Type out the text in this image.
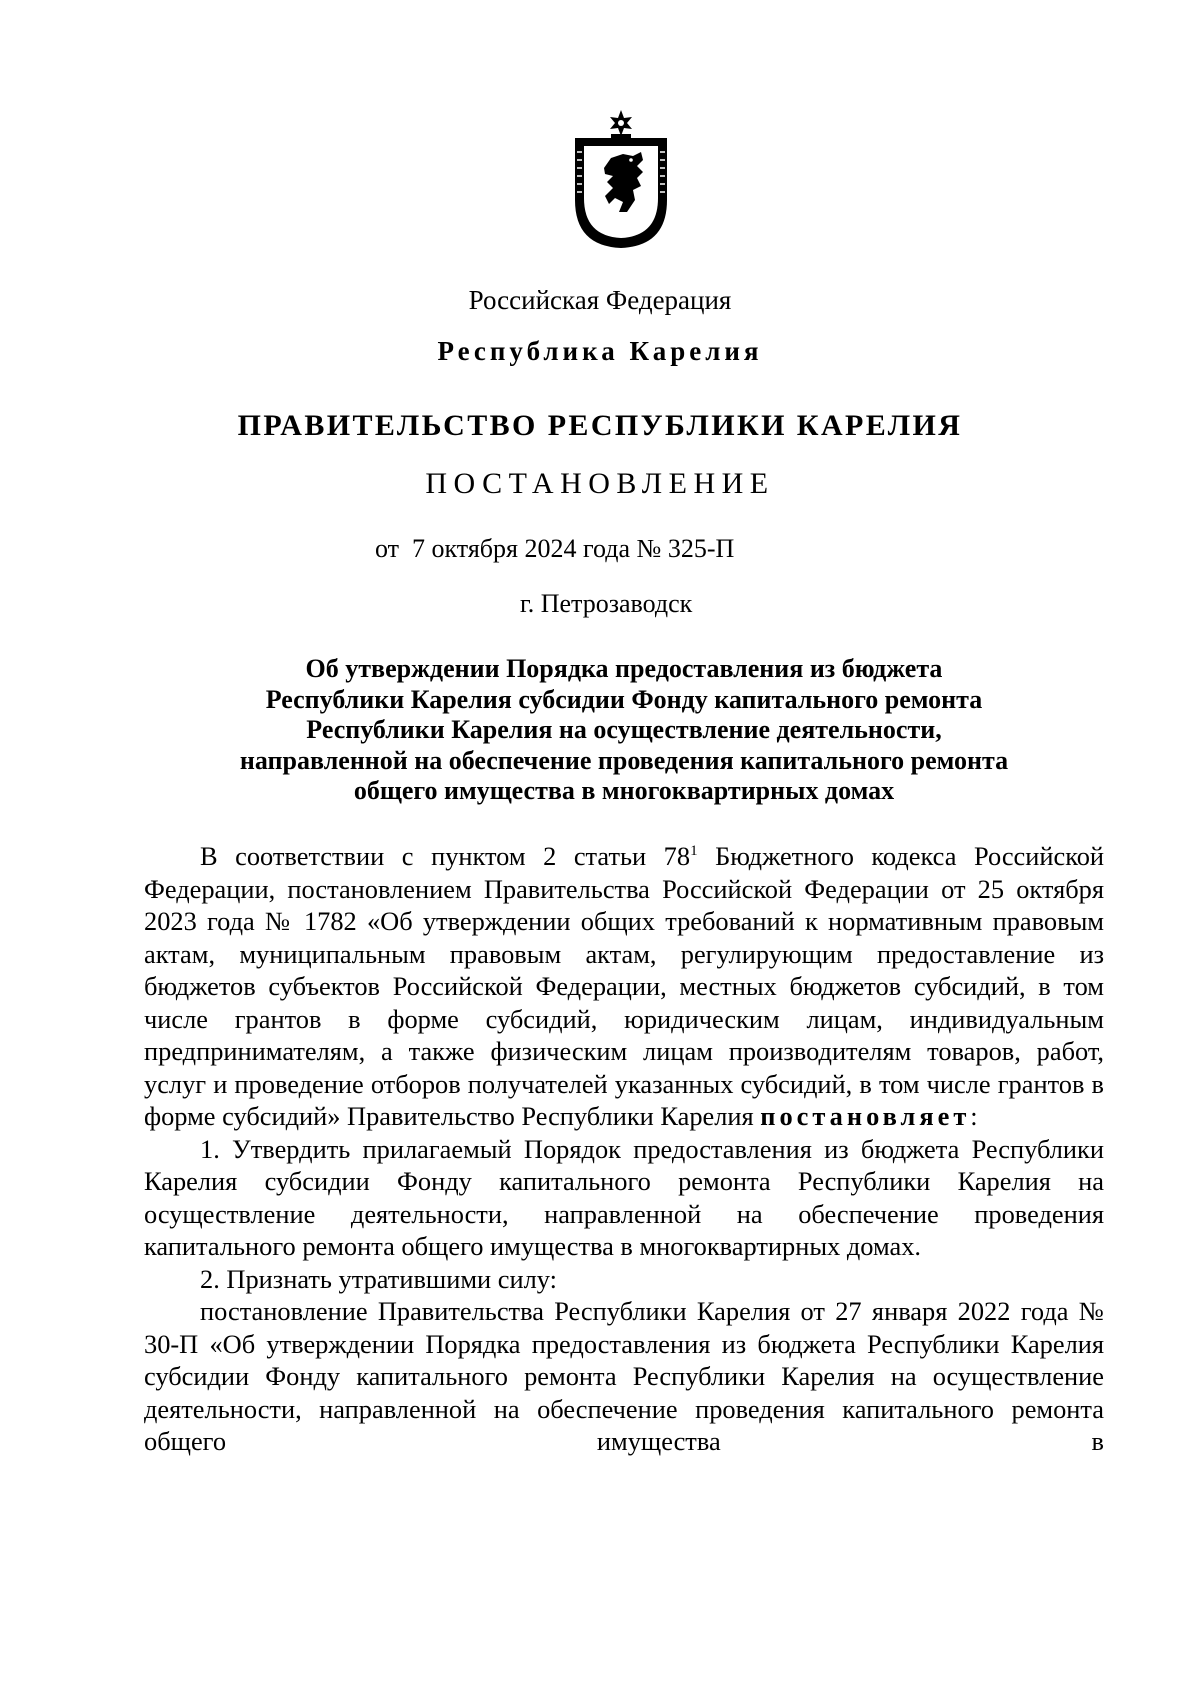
Российская Федерация
Республика Карелия
ПРАВИТЕЛЬСТВО РЕСПУБЛИКИ КАРЕЛИЯ
ПОСТАНОВЛЕНИЕ
от  7 октября 2024 года № 325-П
г. Петрозаводск
Об утверждении Порядка предоставления из бюджета
Республики Карелия субсидии Фонду капитального ремонта
Республики Карелия на осуществление деятельности,
направленной на обеспечение проведения капитального ремонта
общего имущества в многоквартирных домах

В соответствии с пунктом 2 статьи $78^1$ Бюджетного кодекса Российской Федерации, постановлением Правительства Российской Федерации от 25 октября 2023 года № 1782 «Об утверждении общих требований к нормативным правовым актам, муниципальным правовым актам, регулирующим предоставление из бюджетов субъектов Российской Федерации, местных бюджетов субсидий, в том числе грантов в форме субсидий, юридическим лицам, индивидуальным предпринимателям, а также физическим лицам производителям товаров, работ, услуг и проведение отборов получателей указанных субсидий, в том числе грантов в форме субсидий» Правительство Республики Карелия постановляет:

1. Утвердить прилагаемый Порядок предоставления из бюджета Республики Карелия субсидии Фонду капитального ремонта Республики Карелия на осуществление деятельности, направленной на обеспечение проведения капитального ремонта общего имущества в многоквартирных домах.

2. Признать утратившими силу:

постановление Правительства Республики Карелия от 27 января 2022 года № 30-П «Об утверждении Порядка предоставления из бюджета Республики Карелия субсидии Фонду капитального ремонта Республики Карелия на осуществление деятельности, направленной на обеспечение проведения капитального ремонта общего имущества в
